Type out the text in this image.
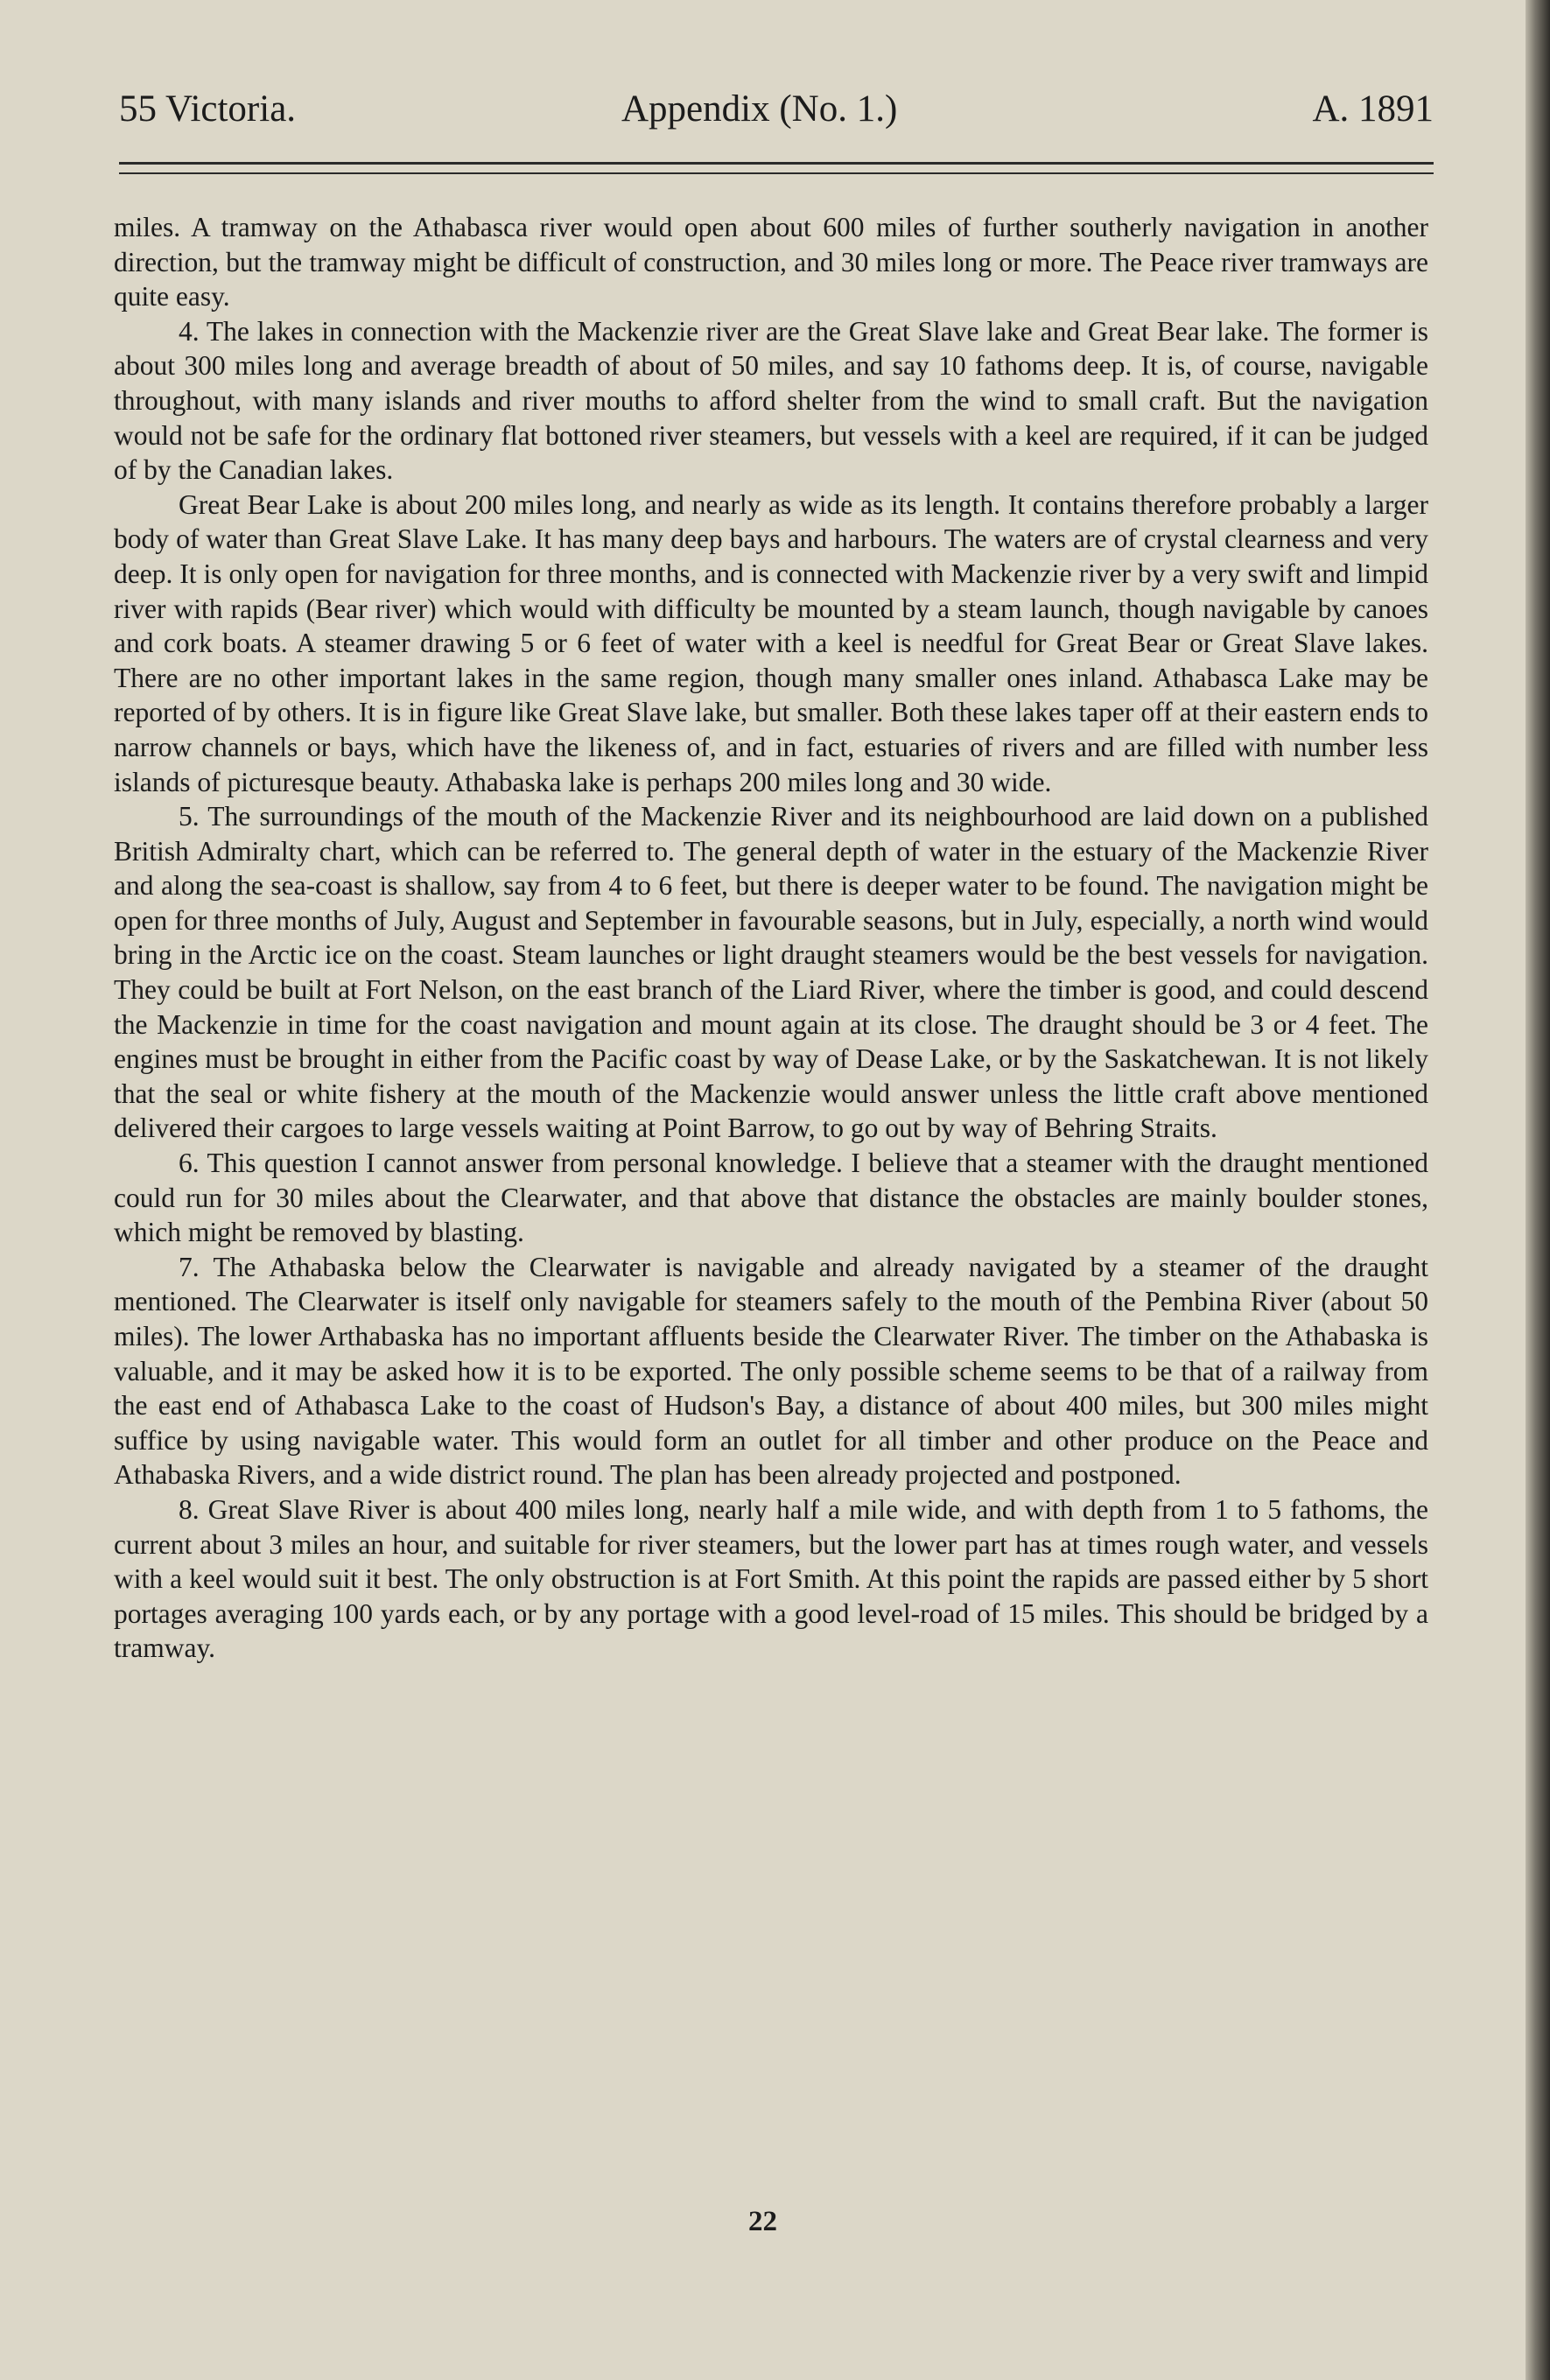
55 Victoria.	Appendix (No. 1.)	A. 1891

miles. A tramway on the Athabasca river would open about 600 miles of further southerly navigation in another direction, but the tramway might be difficult of construction, and 30 miles long or more. The Peace river tramways are quite easy.

4. The lakes in connection with the Mackenzie river are the Great Slave lake and Great Bear lake. The former is about 300 miles long and average breadth of about of 50 miles, and say 10 fathoms deep. It is, of course, navigable throughout, with many islands and river mouths to afford shelter from the wind to small craft. But the navigation would not be safe for the ordinary flat bottoned river steamers, but vessels with a keel are required, if it can be judged of by the Canadian lakes.

Great Bear Lake is about 200 miles long, and nearly as wide as its length. It contains therefore probably a larger body of water than Great Slave Lake. It has many deep bays and harbours. The waters are of crystal clearness and very deep. It is only open for navigation for three months, and is connected with Mackenzie river by a very swift and limpid river with rapids (Bear river) which would with difficulty be mounted by a steam launch, though navigable by canoes and cork boats. A steamer drawing 5 or 6 feet of water with a keel is needful for Great Bear or Great Slave lakes. There are no other important lakes in the same region, though many smaller ones inland. Athabasca Lake may be reported of by others. It is in figure like Great Slave lake, but smaller. Both these lakes taper off at their eastern ends to narrow channels or bays, which have the likeness of, and in fact, estuaries of rivers and are filled with number less islands of picturesque beauty. Athabaska lake is perhaps 200 miles long and 30 wide.

5. The surroundings of the mouth of the Mackenzie River and its neighbourhood are laid down on a published British Admiralty chart, which can be referred to. The general depth of water in the estuary of the Mackenzie River and along the sea-coast is shallow, say from 4 to 6 feet, but there is deeper water to be found. The navigation might be open for three months of July, August and September in favourable seasons, but in July, especially, a north wind would bring in the Arctic ice on the coast. Steam launches or light draught steamers would be the best vessels for navigation. They could be built at Fort Nelson, on the east branch of the Liard River, where the timber is good, and could descend the Mackenzie in time for the coast navigation and mount again at its close. The draught should be 3 or 4 feet. The engines must be brought in either from the Pacific coast by way of Dease Lake, or by the Saskatchewan. It is not likely that the seal or white fishery at the mouth of the Mackenzie would answer unless the little craft above mentioned delivered their cargoes to large vessels waiting at Point Barrow, to go out by way of Behring Straits.

6. This question I cannot answer from personal knowledge. I believe that a steamer with the draught mentioned could run for 30 miles about the Clearwater, and that above that distance the obstacles are mainly boulder stones, which might be removed by blasting.

7. The Athabaska below the Clearwater is navigable and already navigated by a steamer of the draught mentioned. The Clearwater is itself only navigable for steamers safely to the mouth of the Pembina River (about 50 miles). The lower Arthabaska has no important affluents beside the Clearwater River. The timber on the Athabaska is valuable, and it may be asked how it is to be exported. The only possible scheme seems to be that of a railway from the east end of Athabasca Lake to the coast of Hudson's Bay, a distance of about 400 miles, but 300 miles might suffice by using navigable water. This would form an outlet for all timber and other produce on the Peace and Athabaska Rivers, and a wide district round. The plan has been already projected and postponed.

8. Great Slave River is about 400 miles long, nearly half a mile wide, and with depth from 1 to 5 fathoms, the current about 3 miles an hour, and suitable for river steamers, but the lower part has at times rough water, and vessels with a keel would suit it best. The only obstruction is at Fort Smith. At this point the rapids are passed either by 5 short portages averaging 100 yards each, or by any portage with a good level-road of 15 miles. This should be bridged by a tramway.

22
